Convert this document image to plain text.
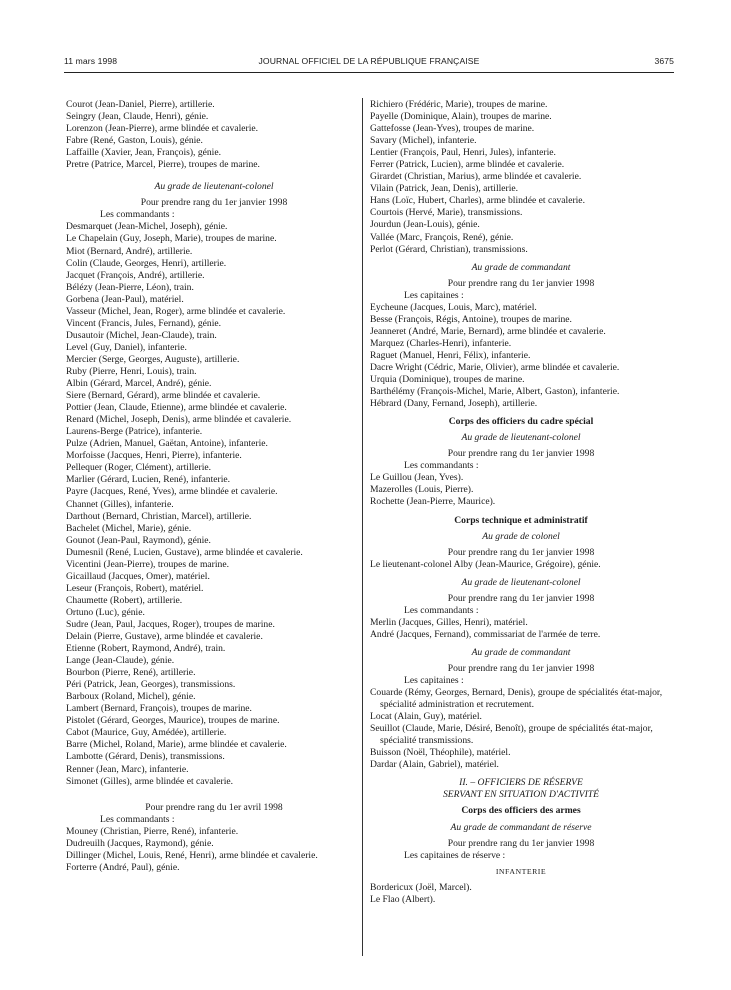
11 mars 1998	JOURNAL OFFICIEL DE LA RÉPUBLIQUE FRANÇAISE	3675
Courot (Jean-Daniel, Pierre), artillerie.
Seingry (Jean, Claude, Henri), génie.
Lorenzon (Jean-Pierre), arme blindée et cavalerie.
Fabre (René, Gaston, Louis), génie.
Laffaille (Xavier, Jean, François), génie.
Pretre (Patrice, Marcel, Pierre), troupes de marine.
Au grade de lieutenant-colonel
Pour prendre rang du 1er janvier 1998
Les commandants :
Desmarquet (Jean-Michel, Joseph), génie.
Le Chapelain (Guy, Joseph, Marie), troupes de marine.
Miot (Bernard, André), artillerie.
Colin (Claude, Georges, Henri), artillerie.
Jacquet (François, André), artillerie.
Bélézy (Jean-Pierre, Léon), train.
Gorbena (Jean-Paul), matériel.
Vasseur (Michel, Jean, Roger), arme blindée et cavalerie.
Vincent (Francis, Jules, Fernand), génie.
Dusautoir (Michel, Jean-Claude), train.
Level (Guy, Daniel), infanterie.
Mercier (Serge, Georges, Auguste), artillerie.
Ruby (Pierre, Henri, Louis), train.
Albin (Gérard, Marcel, André), génie.
Siere (Bernard, Gérard), arme blindée et cavalerie.
Pottier (Jean, Claude, Etienne), arme blindée et cavalerie.
Renard (Michel, Joseph, Denis), arme blindée et cavalerie.
Laurens-Berge (Patrice), infanterie.
Pulze (Adrien, Manuel, Gaëtan, Antoine), infanterie.
Morfoisse (Jacques, Henri, Pierre), infanterie.
Pellequer (Roger, Clément), artillerie.
Marlier (Gérard, Lucien, René), infanterie.
Payre (Jacques, René, Yves), arme blindée et cavalerie.
Channet (Gilles), infanterie.
Darthout (Bernard, Christian, Marcel), artillerie.
Bachelet (Michel, Marie), génie.
Gounot (Jean-Paul, Raymond), génie.
Dumesnil (René, Lucien, Gustave), arme blindée et cavalerie.
Vicentini (Jean-Pierre), troupes de marine.
Gicaillaud (Jacques, Omer), matériel.
Leseur (François, Robert), matériel.
Chaumette (Robert), artillerie.
Ortuno (Luc), génie.
Sudre (Jean, Paul, Jacques, Roger), troupes de marine.
Delain (Pierre, Gustave), arme blindée et cavalerie.
Etienne (Robert, Raymond, André), train.
Lange (Jean-Claude), génie.
Bourbon (Pierre, René), artillerie.
Péri (Patrick, Jean, Georges), transmissions.
Barboux (Roland, Michel), génie.
Lambert (Bernard, François), troupes de marine.
Pistolet (Gérard, Georges, Maurice), troupes de marine.
Cabot (Maurice, Guy, Amédée), artillerie.
Barre (Michel, Roland, Marie), arme blindée et cavalerie.
Lambotte (Gérard, Denis), transmissions.
Renner (Jean, Marc), infanterie.
Simonet (Gilles), arme blindée et cavalerie.
Pour prendre rang du 1er avril 1998
Les commandants :
Mouney (Christian, Pierre, René), infanterie.
Dudreuilh (Jacques, Raymond), génie.
Dillinger (Michel, Louis, René, Henri), arme blindée et cavalerie.
Forterre (André, Paul), génie.
Richiero (Frédéric, Marie), troupes de marine.
Payelle (Dominique, Alain), troupes de marine.
Gattefosse (Jean-Yves), troupes de marine.
Savary (Michel), infanterie.
Lentier (François, Paul, Henri, Jules), infanterie.
Ferrer (Patrick, Lucien), arme blindée et cavalerie.
Girardet (Christian, Marius), arme blindée et cavalerie.
Vilain (Patrick, Jean, Denis), artillerie.
Hans (Loïc, Hubert, Charles), arme blindée et cavalerie.
Courtois (Hervé, Marie), transmissions.
Jourdun (Jean-Louis), génie.
Vallée (Marc, François, René), génie.
Perlot (Gérard, Christian), transmissions.
Au grade de commandant
Pour prendre rang du 1er janvier 1998
Les capitaines :
Eycheune (Jacques, Louis, Marc), matériel.
Besse (François, Régis, Antoine), troupes de marine.
Jeanneret (André, Marie, Bernard), arme blindée et cavalerie.
Marquez (Charles-Henri), infanterie.
Raguet (Manuel, Henri, Félix), infanterie.
Dacre Wright (Cédric, Marie, Olivier), arme blindée et cavalerie.
Urquia (Dominique), troupes de marine.
Barthélémy (François-Michel, Marie, Albert, Gaston), infanterie.
Hébrard (Dany, Fernand, Joseph), artillerie.
Corps des officiers du cadre spécial
Au grade de lieutenant-colonel
Pour prendre rang du 1er janvier 1998
Les commandants :
Le Guillou (Jean, Yves).
Mazerolles (Louis, Pierre).
Rochette (Jean-Pierre, Maurice).
Corps technique et administratif
Au grade de colonel
Pour prendre rang du 1er janvier 1998
Le lieutenant-colonel Alby (Jean-Maurice, Grégoire), génie.
Au grade de lieutenant-colonel
Pour prendre rang du 1er janvier 1998
Les commandants :
Merlin (Jacques, Gilles, Henri), matériel.
André (Jacques, Fernand), commissariat de l'armée de terre.
Au grade de commandant
Pour prendre rang du 1er janvier 1998
Les capitaines :
Couarde (Rémy, Georges, Bernard, Denis), groupe de spécialités état-major, spécialité administration et recrutement.
Locat (Alain, Guy), matériel.
Seuillot (Claude, Marie, Désiré, Benoît), groupe de spécialités état-major, spécialité transmissions.
Buisson (Noël, Théophile), matériel.
Dardar (Alain, Gabriel), matériel.
II. – OFFICIERS DE RÉSERVE
SERVANT EN SITUATION D'ACTIVITÉ
Corps des officiers des armes
Au grade de commandant de réserve
Pour prendre rang du 1er janvier 1998
Les capitaines de réserve :
INFANTERIE
Bordericux (Joël, Marcel).
Le Flao (Albert).
